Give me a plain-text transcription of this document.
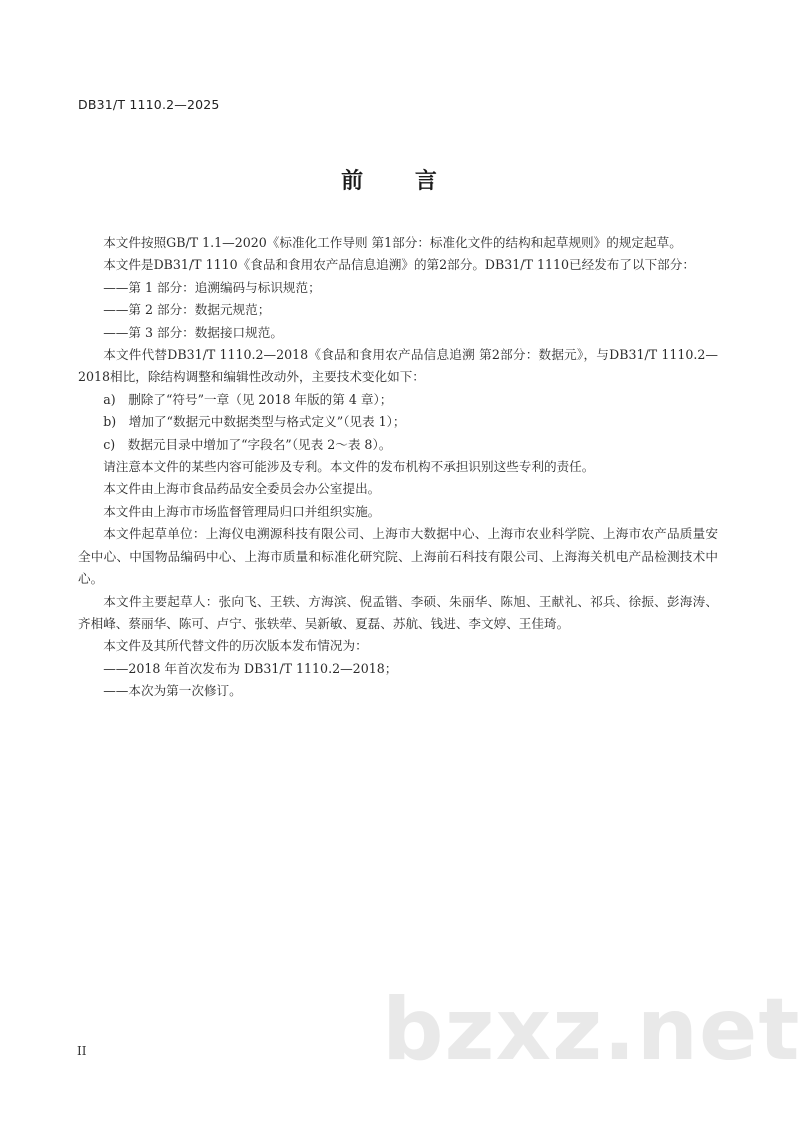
DB31/T 1110.2—2025
前 言

本文件按照GB/T 1.1—2020《标准化工作导则 第1部分：标准化文件的结构和起草规则》的规定起草。

本文件是DB31/T 1110《食品和食用农产品信息追溯》的第2部分。DB31/T 1110已经发布了以下部分：

——第 1 部分：追溯编码与标识规范；

——第 2 部分：数据元规范；

——第 3 部分：数据接口规范。

本文件代替DB31/T 1110.2—2018《食品和食用农产品信息追溯 第2部分：数据元》，与DB31/T 1110.2—2018相比，除结构调整和编辑性改动外，主要技术变化如下：

a)　删除了“符号”一章（见 2018 年版的第 4 章）；

b)　增加了“数据元中数据类型与格式定义”（见表 1）；

c)　数据元目录中增加了“字段名”（见表 2～表 8）。

请注意本文件的某些内容可能涉及专利。本文件的发布机构不承担识别这些专利的责任。

本文件由上海市食品药品安全委员会办公室提出。

本文件由上海市市场监督管理局归口并组织实施。

本文件起草单位：上海仪电溯源科技有限公司、上海市大数据中心、上海市农业科学院、上海市农产品质量安全中心、中国物品编码中心、上海市质量和标准化研究院、上海前石科技有限公司、上海海关机电产品检测技术中心。

本文件主要起草人：张向飞、王轶、方海滨、倪孟锴、李硕、朱丽华、陈旭、王献礼、祁兵、徐振、彭海涛、齐相峰、蔡丽华、陈可、卢宁、张轶荦、吴新敏、夏磊、苏航、钱进、李文婷、王佳琦。

本文件及其所代替文件的历次版本发布情况为：

——2018 年首次发布为 DB31/T 1110.2—2018；

——本次为第一次修订。

bzxz.net
II
